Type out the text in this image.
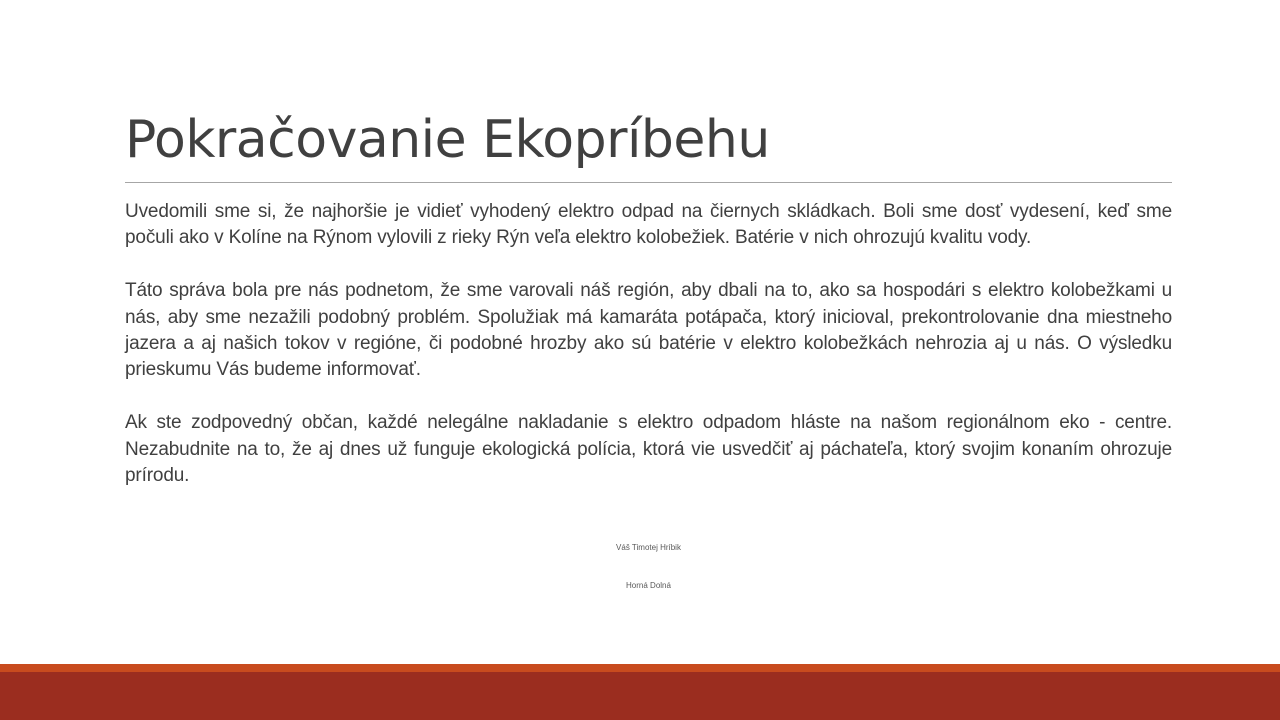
Pokračovanie Ekopríbehu

Uvedomili sme si, že najhoršie je vidieť vyhodený elektro odpad na čiernych skládkach. Boli sme dosť vydesení, keď sme počuli ako v Kolíne na Rýnom vylovili z rieky Rýn veľa elektro kolobežiek. Batérie v nich ohrozujú kvalitu vody.

Táto správa bola pre nás podnetom, že sme varovali náš región, aby dbali na to, ako sa hospodári s elektro kolobežkami u nás, aby sme nezažili podobný problém. Spolužiak má kamaráta potápača, ktorý inicioval, prekontrolovanie dna miestneho jazera a aj našich tokov v regióne, či podobné hrozby ako sú batérie v elektro kolobežkách nehrozia aj u nás. O výsledku prieskumu Vás budeme informovať.

Ak ste zodpovedný občan, každé nelegálne nakladanie s elektro odpadom hláste na našom regionálnom eko - centre. Nezabudnite na to, že aj dnes už funguje ekologická polícia, ktorá vie usvedčiť aj páchateľa, ktorý svojim konaním ohrozuje prírodu.

Váš Timotej Hríbik
Horná Dolná
